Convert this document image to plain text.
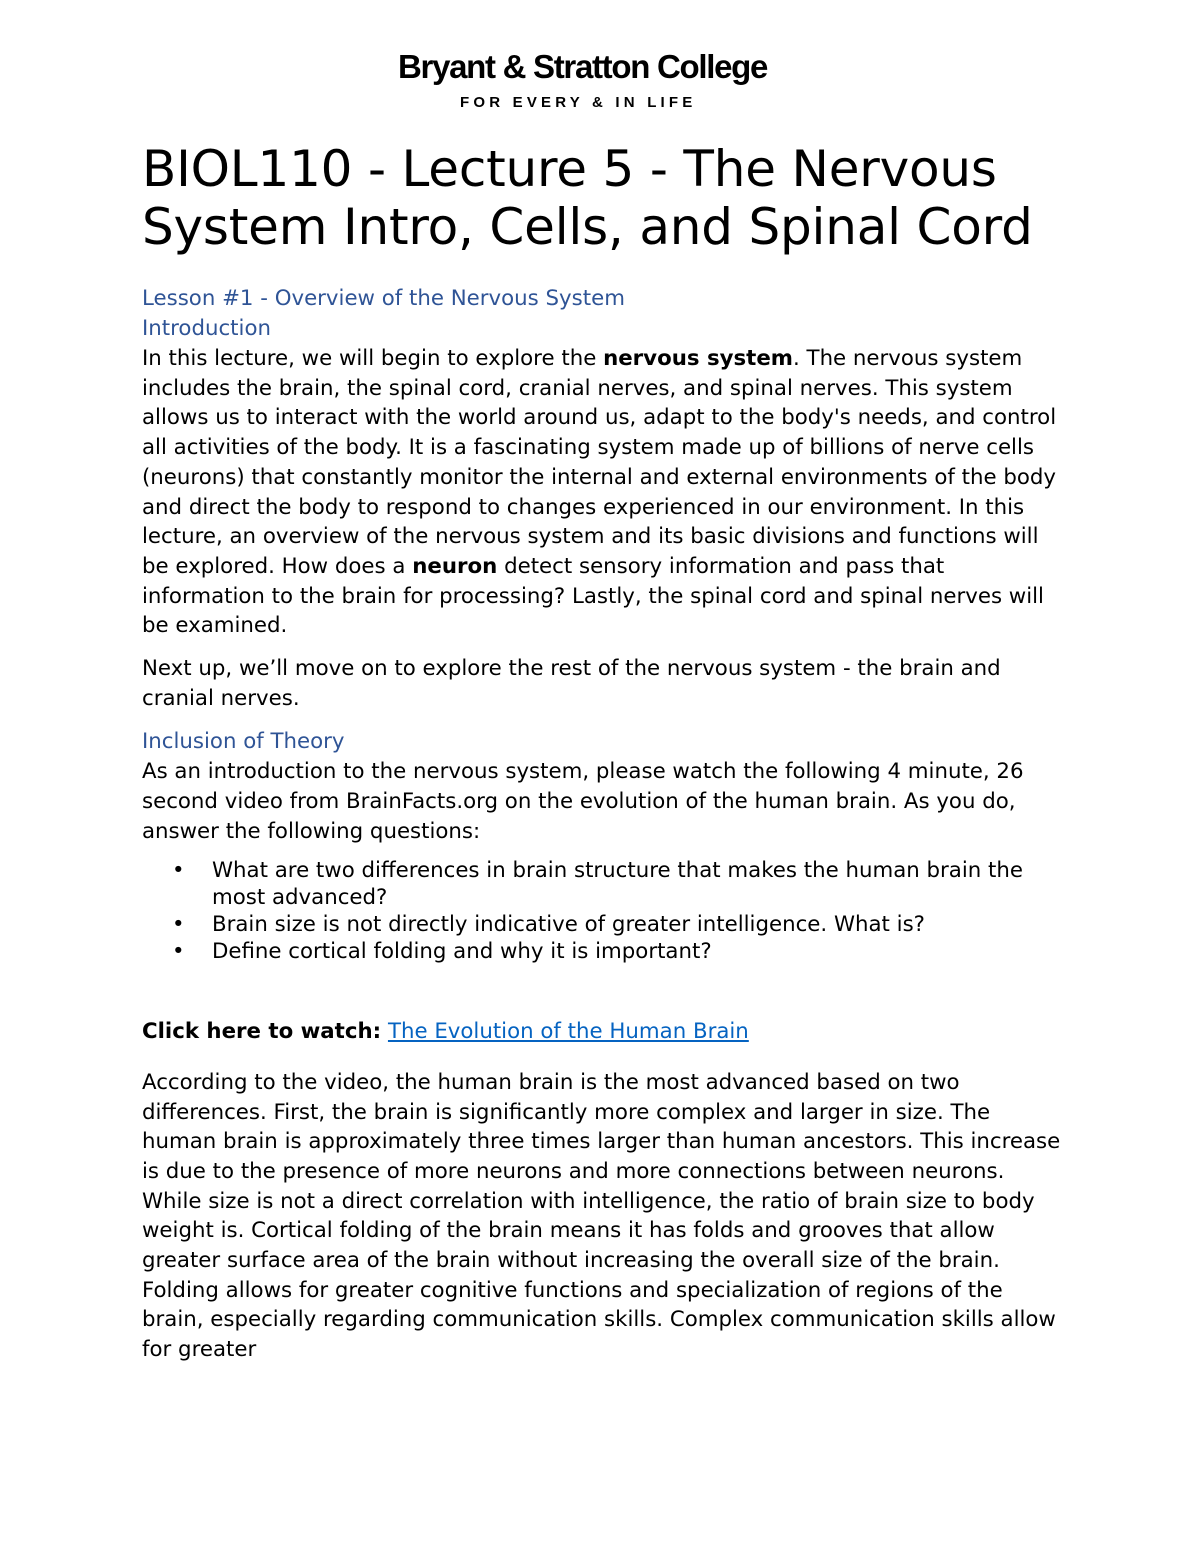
Bryant & Stratton College
FOR EVERY & IN LIFE
BIOL110 - Lecture 5 - The Nervous System Intro, Cells, and Spinal Cord

Lesson #1 - Overview of the Nervous System

Introduction

In this lecture, we will begin to explore the nervous system. The nervous system includes the brain, the spinal cord, cranial nerves, and spinal nerves. This system allows us to interact with the world around us, adapt to the body's needs, and control all activities of the body. It is a fascinating system made up of billions of nerve cells (neurons) that constantly monitor the internal and external environments of the body and direct the body to respond to changes experienced in our environment. In this lecture, an overview of the nervous system and its basic divisions and functions will be explored. How does a neuron detect sensory information and pass that information to the brain for processing? Lastly, the spinal cord and spinal nerves will be examined.

Next up, we’ll move on to explore the rest of the nervous system - the brain and cranial nerves.

Inclusion of Theory

As an introduction to the nervous system, please watch the following 4 minute, 26 second video from BrainFacts.org on the evolution of the human brain. As you do, answer the following questions:

• What are two differences in brain structure that makes the human brain the most advanced?
• Brain size is not directly indicative of greater intelligence. What is?
• Define cortical folding and why it is important?

Click here to watch: The Evolution of the Human Brain

According to the video, the human brain is the most advanced based on two differences. First, the brain is significantly more complex and larger in size. The human brain is approximately three times larger than human ancestors. This increase is due to the presence of more neurons and more connections between neurons. While size is not a direct correlation with intelligence, the ratio of brain size to body weight is. Cortical folding of the brain means it has folds and grooves that allow greater surface area of the brain without increasing the overall size of the brain. Folding allows for greater cognitive functions and specialization of regions of the brain, especially regarding communication skills. Complex communication skills allow for greater
